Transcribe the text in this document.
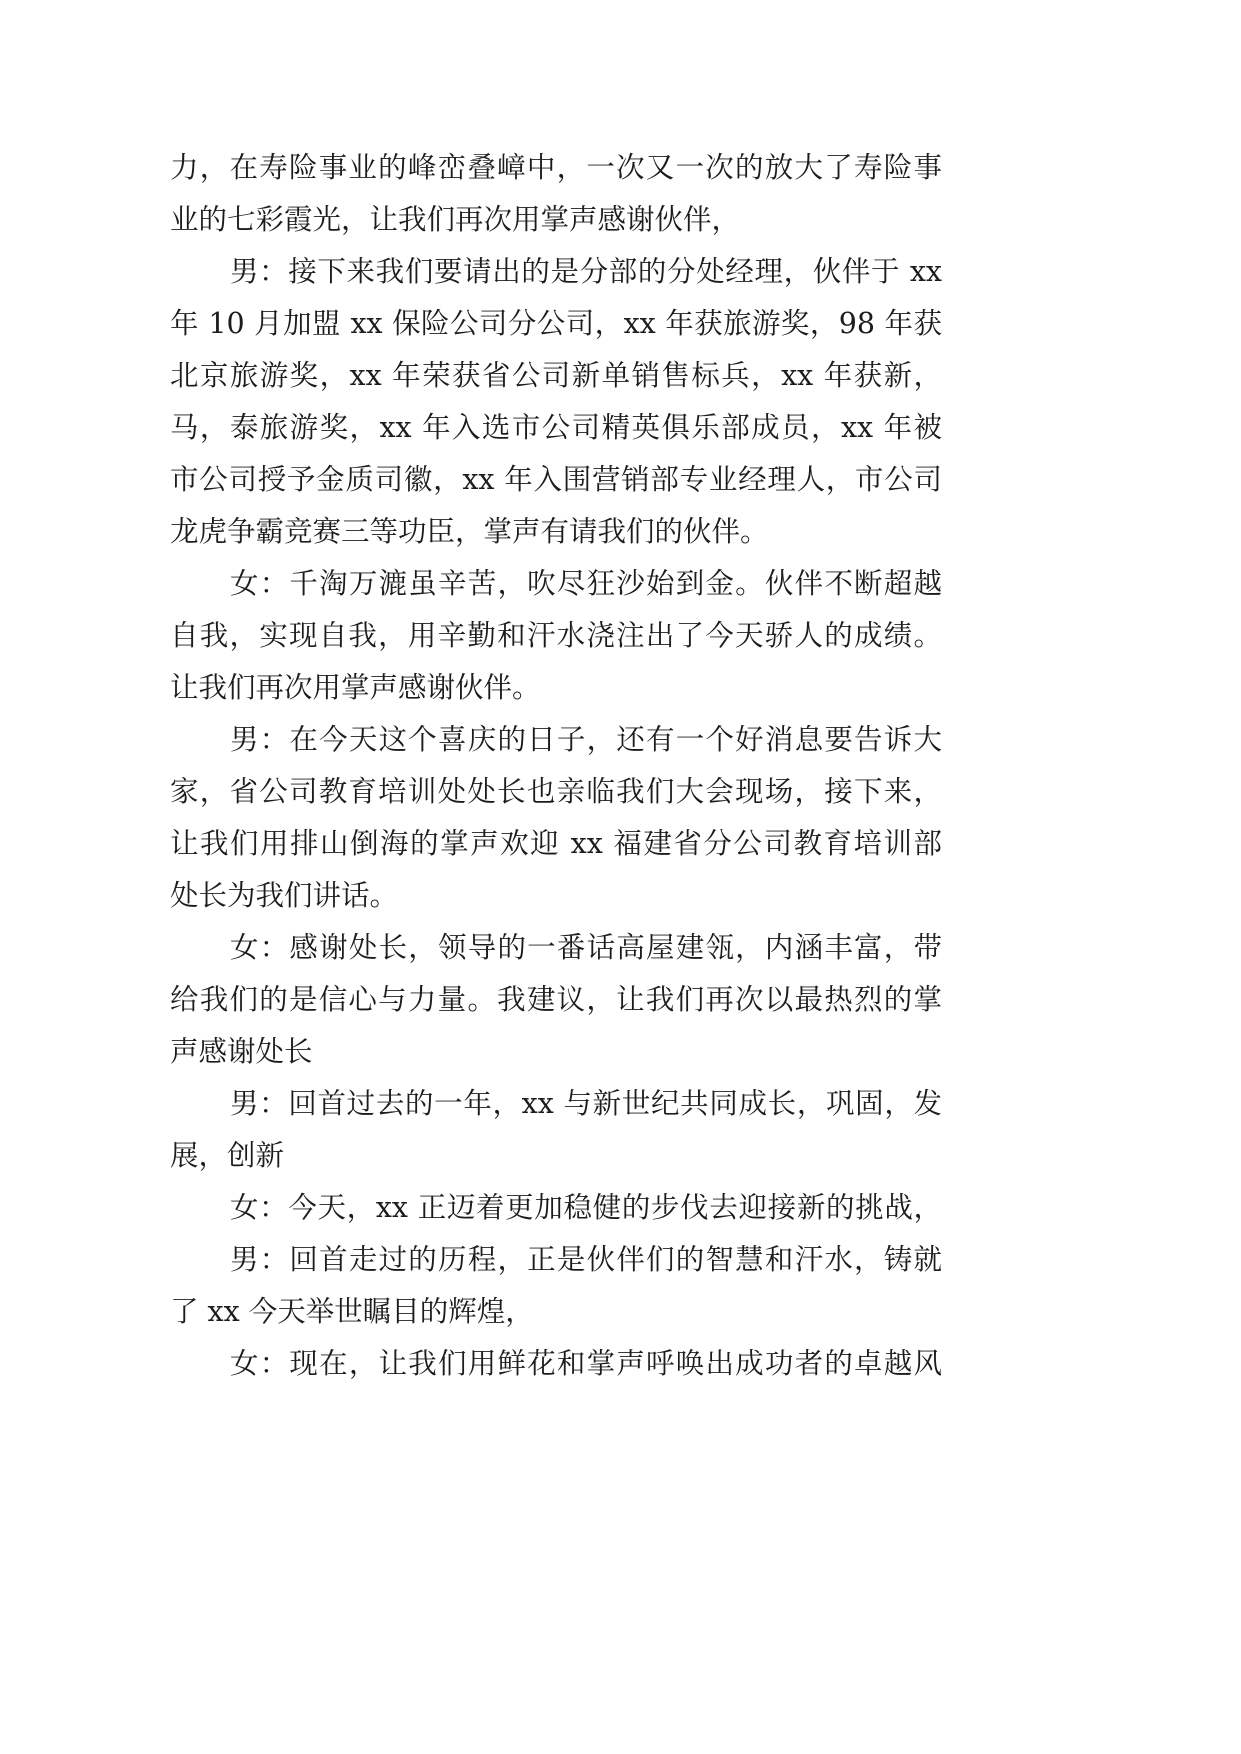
力，在寿险事业的峰峦叠嶂中，一次又一次的放大了寿险事
业的七彩霞光，让我们再次用掌声感谢伙伴，
男：接下来我们要请出的是分部的分处经理，伙伴于 xx
年 10 月加盟 xx 保险公司分公司，xx 年获旅游奖，98 年获
北京旅游奖，xx 年荣获省公司新单销售标兵，xx 年获新，
马，泰旅游奖，xx 年入选市公司精英俱乐部成员，xx 年被
市公司授予金质司徽，xx 年入围营销部专业经理人，市公司
龙虎争霸竞赛三等功臣，掌声有请我们的伙伴。
女：千淘万漉虽辛苦，吹尽狂沙始到金。伙伴不断超越
自我，实现自我，用辛勤和汗水浇注出了今天骄人的成绩。
让我们再次用掌声感谢伙伴。
男：在今天这个喜庆的日子，还有一个好消息要告诉大
家，省公司教育培训处处长也亲临我们大会现场，接下来，
让我们用排山倒海的掌声欢迎 xx 福建省分公司教育培训部
处长为我们讲话。
女：感谢处长，领导的一番话高屋建瓴，内涵丰富，带
给我们的是信心与力量。我建议，让我们再次以最热烈的掌
声感谢处长
男：回首过去的一年，xx 与新世纪共同成长，巩固，发
展，创新
女：今天，xx 正迈着更加稳健的步伐去迎接新的挑战，
男：回首走过的历程，正是伙伴们的智慧和汗水，铸就
了 xx 今天举世瞩目的辉煌，
女：现在，让我们用鲜花和掌声呼唤出成功者的卓越风
